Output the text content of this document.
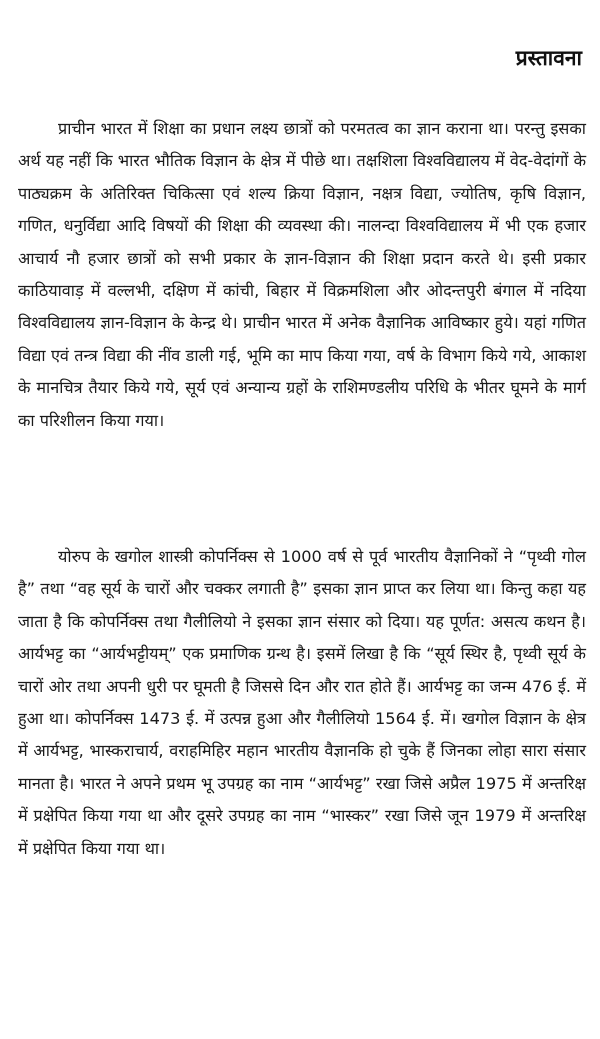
प्रस्तावना

प्राचीन भारत में शिक्षा का प्रधान लक्ष्य छात्रों को परमतत्व का ज्ञान कराना था। परन्तु इसका अर्थ यह नहीं कि भारत भौतिक विज्ञान के क्षेत्र में पीछे था। तक्षशिला विश्वविद्यालय में वेद-वेदांगों के पाठ्यक्रम के अतिरिक्त चिकित्सा एवं शल्य क्रिया विज्ञान, नक्षत्र विद्या, ज्योतिष, कृषि विज्ञान, गणित, धनुर्विद्या आदि विषयों की शिक्षा की व्यवस्था की। नालन्दा विश्वविद्यालय में भी एक हजार आचार्य नौ हजार छात्रों को सभी प्रकार के ज्ञान-विज्ञान की शिक्षा प्रदान करते थे। इसी प्रकार काठियावाड़ में वल्लभी, दक्षिण में कांची, बिहार में विक्रमशिला और ओदन्तपुरी बंगाल में नदिया विश्वविद्यालय ज्ञान-विज्ञान के केन्द्र थे। प्राचीन भारत में अनेक वैज्ञानिक आविष्कार हुये। यहां गणित विद्या एवं तन्त्र विद्या की नींव डाली गई, भूमि का माप किया गया, वर्ष के विभाग किये गये, आकाश के मानचित्र तैयार किये गये, सूर्य एवं अन्यान्य ग्रहों के राशिमण्डलीय परिधि के भीतर घूमने के मार्ग का परिशीलन किया गया।

योरुप के खगोल शास्त्री कोपर्निक्स से 1000 वर्ष से पूर्व भारतीय वैज्ञानिकों ने “पृथ्वी गोल है” तथा “वह सूर्य के चारों और चक्कर लगाती है” इसका ज्ञान प्राप्त कर लिया था। किन्तु कहा यह जाता है कि कोपर्निक्स तथा गैलीलियो ने इसका ज्ञान संसार को दिया। यह पूर्णत: असत्य कथन है। आर्यभट्ट का “आर्यभट्टीयम्” एक प्रमाणिक ग्रन्थ है। इसमें लिखा है कि “सूर्य स्थिर है, पृथ्वी सूर्य के चारों ओर तथा अपनी धुरी पर घूमती है जिससे दिन और रात होते हैं। आर्यभट्ट का जन्म 476 ई. में हुआ था। कोपर्निक्स 1473 ई. में उत्पन्न हुआ और गैलीलियो 1564 ई. में। खगोल विज्ञान के क्षेत्र में आर्यभट्ट, भास्कराचार्य, वराहमिहिर महान भारतीय वैज्ञानकि हो चुके हैं जिनका लोहा सारा संसार मानता है। भारत ने अपने प्रथम भू उपग्रह का नाम “आर्यभट्ट” रखा जिसे अप्रैल 1975 में अन्तरिक्ष में प्रक्षेपित किया गया था और दूसरे उपग्रह का नाम “भास्कर” रखा जिसे जून 1979 में अन्तरिक्ष में प्रक्षेपित किया गया था।
